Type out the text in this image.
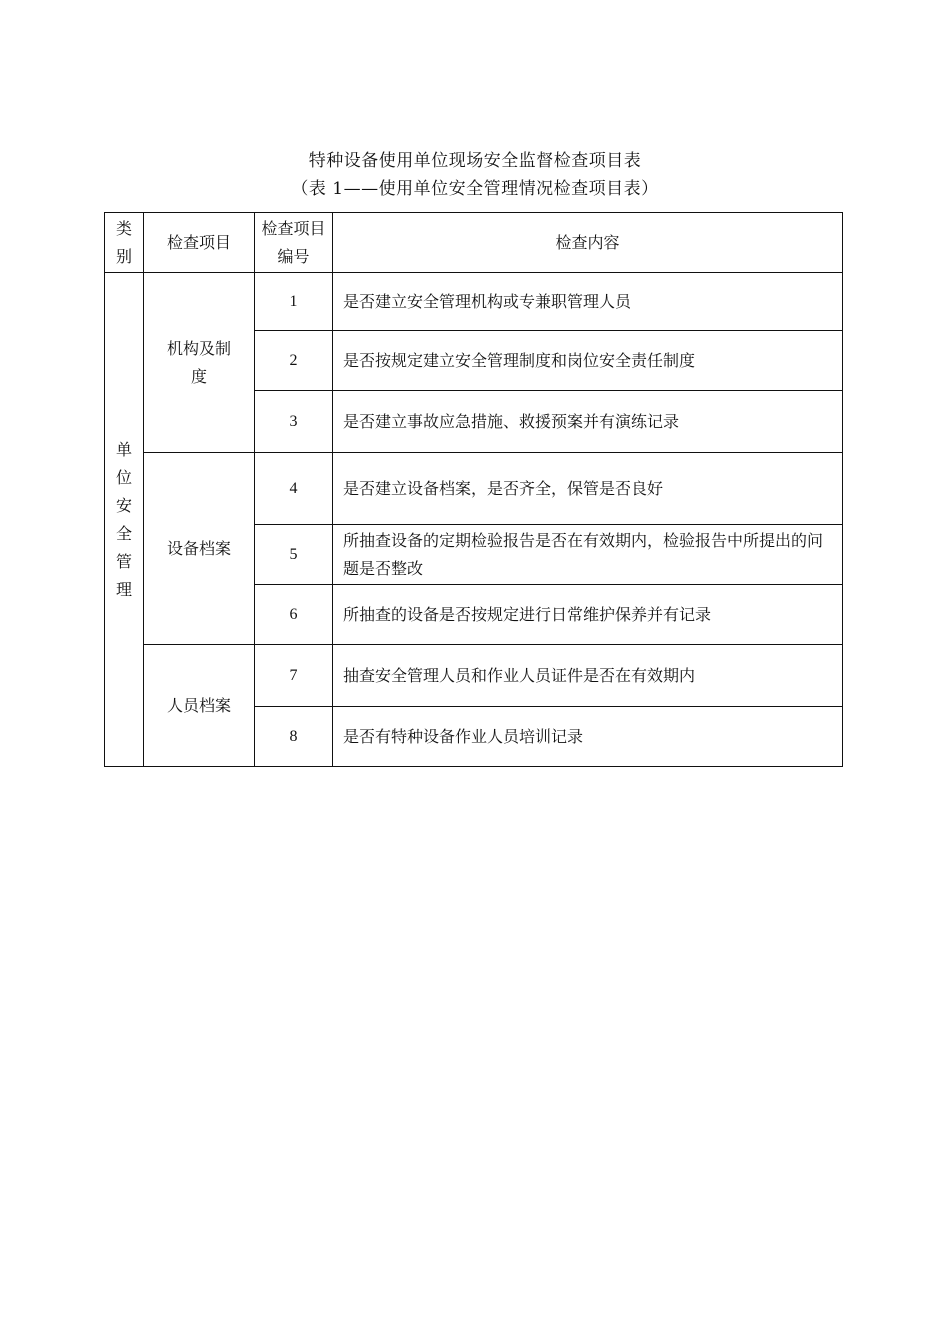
特种设备使用单位现场安全监督检查项目表
（表 1——使用单位安全管理情况检查项目表）
类别	检查项目	检查项目编号	检查内容
单位安全管理	机构及制度	1	是否建立安全管理机构或专兼职管理人员
		2	是否按规定建立安全管理制度和岗位安全责任制度
		3	是否建立事故应急措施、救援预案并有演练记录
	设备档案	4	是否建立设备档案，是否齐全，保管是否良好
		5	所抽查设备的定期检验报告是否在有效期内，检验报告中所提出的问题是否整改
		6	所抽查的设备是否按规定进行日常维护保养并有记录
	人员档案	7	抽查安全管理人员和作业人员证件是否在有效期内
		8	是否有特种设备作业人员培训记录
